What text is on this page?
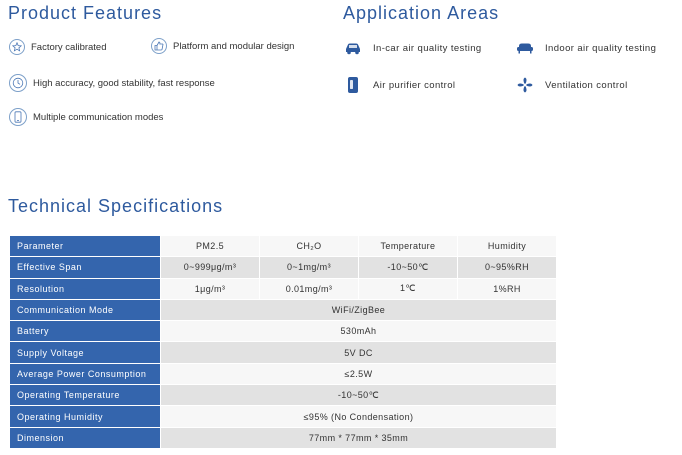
Product Features
Factory calibrated	Platform and modular design
High accuracy, good stability, fast response
Multiple communication modes
Application Areas
In-car air quality testing	Indoor air quality testing
Air purifier control	Ventilation control
Technical Specifications
Parameter	PM2.5	CH₂O	Temperature	Humidity
Effective Span	0~999μg/m³	0~1mg/m³	-10~50℃	0~95%RH
Resolution	1μg/m³	0.01mg/m³	1℃	1%RH
Communication Mode	WiFi/ZigBee			
Battery	530mAh			
Supply Voltage	5V DC			
Average Power Consumption	≤2.5W			
Operating Temperature	-10~50℃			
Operating Humidity	≤95% (No Condensation)			
Dimension	77mm * 77mm * 35mm			
